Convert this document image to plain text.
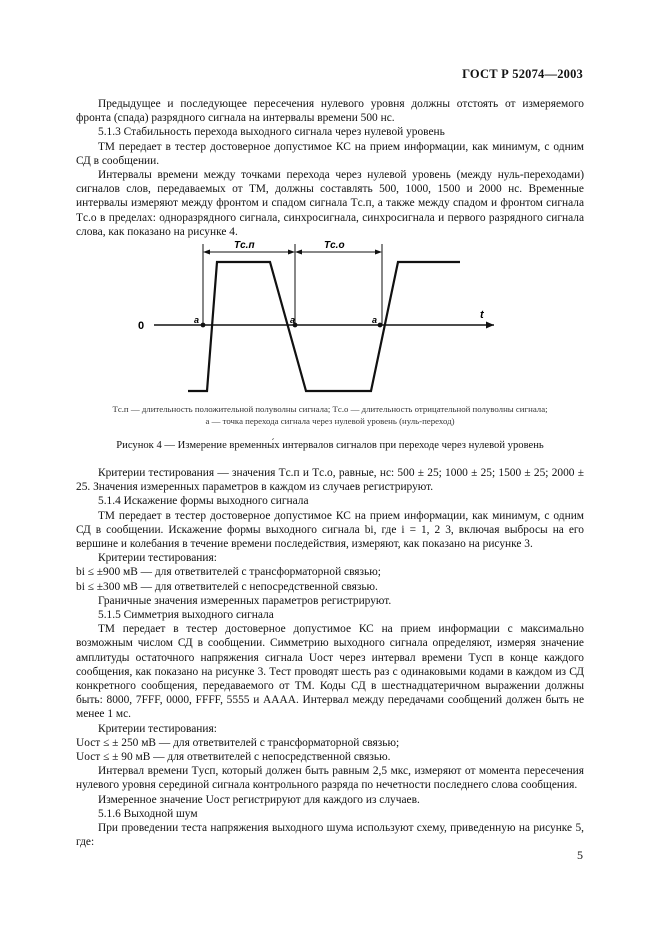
ГОСТ Р 52074—2003

Предыдущее и последующее пересечения нулевого уровня должны отстоять от измеряемого фронта (спада) разрядного сигнала на интервалы времени 500 нс.

5.1.3 Стабильность перехода выходного сигнала через нулевой уровень

ТМ передает в тестер достоверное допустимое КС на прием информации, как минимум, с одним СД в сообщении.

Интервалы времени между точками перехода через нулевой уровень (между нуль-переходами) сигналов слов, передаваемых от ТМ, должны составлять 500, 1000, 1500 и 2000 нс. Временные интервалы измеряют между фронтом и спадом сигнала Tс.п, а также между спадом и фронтом сигнала Tс.о в пределах: одноразрядного сигнала, синхросигнала, синхросигнала и первого разрядного сигнала слова, как показано на рисунке 4.

0
t
a	a	a
Tс.п	Tс.о
Tс.п — длительность положительной полуволны сигнала; Tс.о — длительность отрицательной полуволны сигнала;
a — точка перехода сигнала через нулевой уровень (нуль-переход)
Рисунок 4 — Измерение временны́х интервалов сигналов при переходе через нулевой уровень

Критерии тестирования — значения Tс.п и Tс.о, равные, нс: 500 ± 25; 1000 ± 25; 1500 ± 25; 2000 ± 25. Значения измеренных параметров в каждом из случаев регистрируют.

5.1.4 Искажение формы выходного сигнала

ТМ передает в тестер достоверное допустимое КС на прием информации, как минимум, с одним СД в сообщении. Искажение формы выходного сигнала bi, где i = 1, 2 3, включая выбросы на его вершине и колебания в течение времени последействия, измеряют, как показано на рисунке 3.

Критерии тестирования:

bi ≤ ±900 мВ — для ответвителей с трансформаторной связью;

bi ≤ ±300 мВ — для ответвителей с непосредственной связью.

Граничные значения измеренных параметров регистрируют.

5.1.5 Симметрия выходного сигнала

ТМ передает в тестер достоверное допустимое КС на прием информации с максимально возможным числом СД в сообщении. Симметрию выходного сигнала определяют, измеряя значение амплитуды остаточного напряжения сигнала Uост через интервал времени Tусп в конце каждого сообщения, как показано на рисунке 3. Тест проводят шесть раз с одинаковыми кодами в каждом из СД конкретного сообщения, передаваемого от ТМ. Коды СД в шестнадцатеричном выражении должны быть: 8000, 7FFF, 0000, FFFF, 5555 и АААА. Интервал между передачами сообщений должен быть не менее 1 мс.

Критерии тестирования:

Uост ≤ ± 250 мВ — для ответвителей с трансформаторной связью;

Uост ≤ ± 90 мВ — для ответвителей с непосредственной связью.

Интервал времени Tусп, который должен быть равным 2,5 мкс, измеряют от момента пересечения нулевого уровня серединой сигнала контрольного разряда по нечетности последнего слова сообщения.

Измеренное значение Uост регистрируют для каждого из случаев.

5.1.6 Выходной шум

При проведении теста напряжения выходного шума используют схему, приведенную на рисунке 5, где:

5
